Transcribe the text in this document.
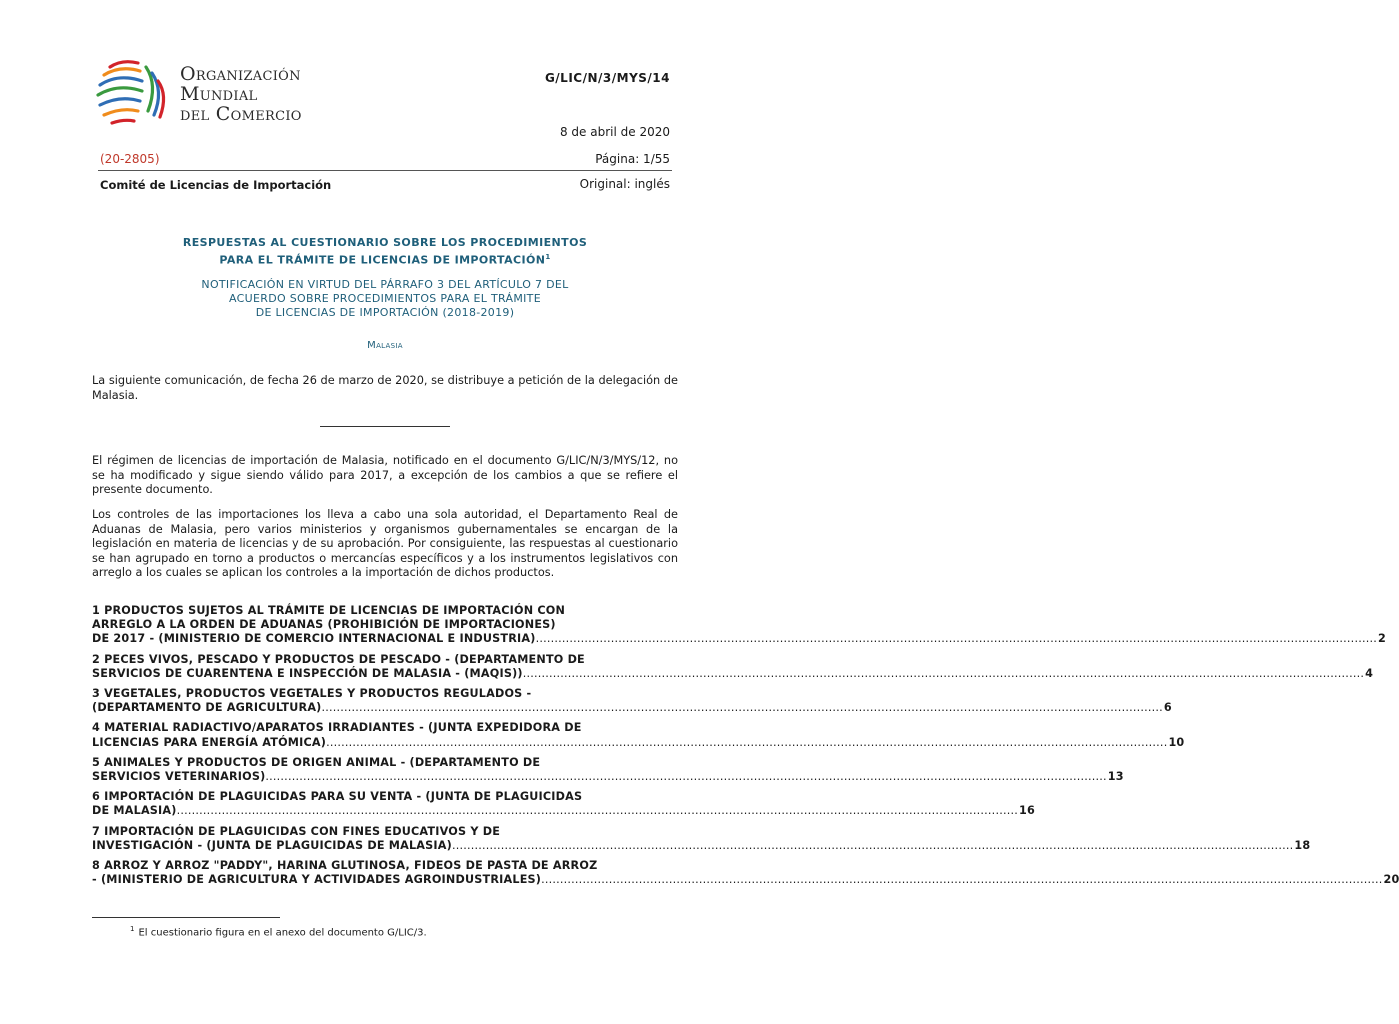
Organización
Mundial
del Comercio
G/LIC/N/3/MYS/14
8 de abril de 2020
(20-2805)	Página: 1/55
Comité de Licencias de Importación	Original: inglés
RESPUESTAS AL CUESTIONARIO SOBRE LOS PROCEDIMIENTOS
PARA EL TRÁMITE DE LICENCIAS DE IMPORTACIÓN$^1$
NOTIFICACIÓN EN VIRTUD DEL PÁRRAFO 3 DEL ARTÍCULO 7 DEL
ACUERDO SOBRE PROCEDIMIENTOS PARA EL TRÁMITE
DE LICENCIAS DE IMPORTACIÓN (2018-2019)
Malasia
La siguiente comunicación, de fecha 26 de marzo de 2020, se distribuye a petición de la delegación de Malasia.
El régimen de licencias de importación de Malasia, notificado en el documento G/LIC/N/3/MYS/12, no se ha modificado y sigue siendo válido para 2017, a excepción de los cambios a que se refiere el presente documento.
Los controles de las importaciones los lleva a cabo una sola autoridad, el Departamento Real de Aduanas de Malasia, pero varios ministerios y organismos gubernamentales se encargan de la legislación en materia de licencias y de su aprobación. Por consiguiente, las respuestas al cuestionario se han agrupado en torno a productos o mercancías específicos y a los instrumentos legislativos con arreglo a los cuales se aplican los controles a la importación de dichos productos.
1 PRODUCTOS SUJETOS AL TRÁMITE DE LICENCIAS DE IMPORTACIÓN CON
ARREGLO A LA ORDEN DE ADUANAS (PROHIBICIÓN DE IMPORTACIONES)
DE 2017 - (MINISTERIO DE COMERCIO INTERNACIONAL E INDUSTRIA) .....	2
2 PECES VIVOS, PESCADO Y PRODUCTOS DE PESCADO - (DEPARTAMENTO DE
SERVICIOS DE CUARENTENA E INSPECCIÓN DE MALASIA - (MAQIS)) .....	4
3 VEGETALES, PRODUCTOS VEGETALES Y PRODUCTOS REGULADOS -
(DEPARTAMENTO DE AGRICULTURA) .....	6
4 MATERIAL RADIACTIVO/APARATOS IRRADIANTES - (JUNTA EXPEDIDORA DE
LICENCIAS PARA ENERGÍA ATÓMICA) .....	10
5 ANIMALES Y PRODUCTOS DE ORIGEN ANIMAL - (DEPARTAMENTO DE
SERVICIOS VETERINARIOS) .....	13
6 IMPORTACIÓN DE PLAGUICIDAS PARA SU VENTA - (JUNTA DE PLAGUICIDAS
DE MALASIA) .....	16
7 IMPORTACIÓN DE PLAGUICIDAS CON FINES EDUCATIVOS Y DE
INVESTIGACIÓN - (JUNTA DE PLAGUICIDAS DE MALASIA) .....	18
8 ARROZ Y ARROZ "PADDY", HARINA GLUTINOSA, FIDEOS DE PASTA DE ARROZ
- (MINISTERIO DE AGRICULTURA Y ACTIVIDADES AGROINDUSTRIALES) .....	20
$^1$ El cuestionario figura en el anexo del documento G/LIC/3.
